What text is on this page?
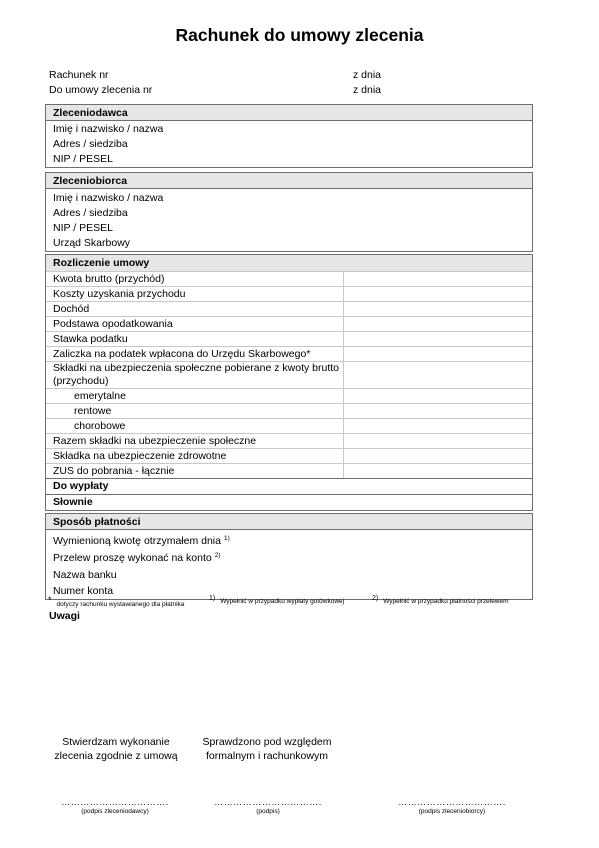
Rachunek do umowy zlecenia
Rachunek nr	z dnia
Do umowy zlecenia nr	z dnia
Zleceniodawca
Imię i nazwisko / nazwa
Adres / siedziba
NIP / PESEL
Zleceniobiorca
Imię i nazwisko / nazwa
Adres / siedziba
NIP / PESEL
Urząd Skarbowy
Rozliczenie umowy
Kwota brutto (przychód)	
Koszty uzyskania przychodu	
Dochód	
Podstawa opodatkowania	
Stawka podatku	
Zaliczka na podatek wpłacona do Urzędu Skarbowego*	
Składki na ubezpieczenia społeczne pobierane z kwoty brutto (przychodu)	
emerytalne	
rentowe	
chorobowe	
Razem składki na ubezpieczenie społeczne	
Składka na ubezpieczenie zdrowotne	
ZUS do pobrania - łącznie	
Do wypłaty
Słownie
Sposób płatności
Wymienioną kwotę otrzymałem dnia $^{1)}$
Przelew proszę wykonać na konto $^{2)}$
Nazwa banku
Numer konta
* dotyczy rachunku wystawianego dla płatnika
1) Wypełnić w przypadku wypłaty gotówkowej	2) Wypełnić w przypadku płatności przelewem
Uwagi
Stwierdzam wykonanie
zlecenia zgodnie z umową
Sprawdzono pod względem
formalnym i rachunkowym
…………………………….	…………………………….	…………………………….
(podpis zleceniodawcy)	(podpis)	(podpis zleceniobiorcy)
